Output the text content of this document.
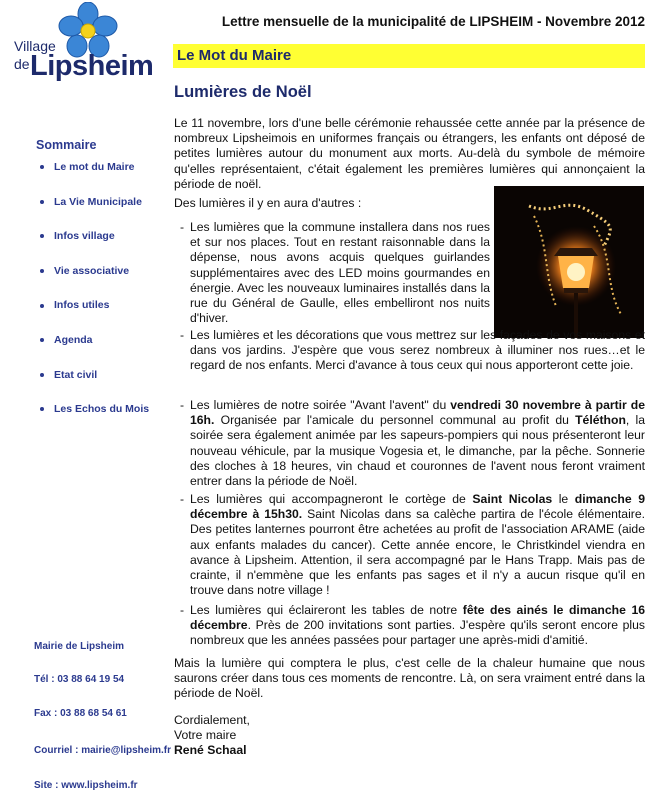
Village
de Lipsheim
Lettre mensuelle de la municipalité de LIPSHEIM - Novembre 2012
Le Mot du Maire
Sommaire
Le mot du Maire
La Vie Municipale
Infos village
Vie associative
Infos utiles
Agenda
Etat civil
Les Echos du Mois
Mairie de Lipsheim
Tél : 03 88 64 19 54
Fax : 03 88 68 54 61
Courriel : mairie@lipsheim.fr
Site : www.lipsheim.fr
Lumières de Noël

Le 11 novembre, lors d'une belle cérémonie rehaussée cette année par la présence de nombreux Lipsheimois en uniformes français ou étrangers, les enfants ont déposé de petites lumières autour du monument aux morts. Au-delà du symbole de mémoire qu'elles représentaient, c'était également les premières lumières qui annonçaient la période de noël.

Des lumières il y en aura d'autres :

- Les lumières que la commune installera dans nos rues et sur nos places. Tout en restant raisonnable dans la dépense, nous avons acquis quelques guirlandes supplémentaires avec des LED moins gourmandes en énergie. Avec les nouveaux luminaires installés dans la rue du Général de Gaulle, elles embelliront nos nuits d'hiver.

- Les lumières et les décorations que vous mettrez sur les façades de vos maisons et dans vos jardins. J'espère que vous serez nombreux à illuminer nos rues…et le regard de nos enfants. Merci d'avance à tous ceux qui nous apporteront cette joie.

- Les lumières de notre soirée "Avant l'avent" du vendredi 30 novembre à partir de 16h. Organisée par l'amicale du personnel communal au profit du Téléthon, la soirée sera également animée par les sapeurs-pompiers qui nous présenteront leur nouveau véhicule, par la musique Vogesia et, le dimanche, par la pêche. Sonnerie des cloches à 18 heures, vin chaud et couronnes de l'avent nous feront vraiment entrer dans la période de Noël.

- Les lumières qui accompagneront le cortège de Saint Nicolas le dimanche 9 décembre à 15h30. Saint Nicolas dans sa calèche partira de l'école élémentaire. Des petites lanternes pourront être achetées au profit de l'association ARAME (aide aux enfants malades du cancer). Cette année encore, le Christkindel viendra en avance à Lipsheim. Attention, il sera accompagné par le Hans Trapp. Mais pas de crainte, il n'emmène que les enfants pas sages et il n'y a aucun risque qu'il en trouve dans notre village !

- Les lumières qui éclaireront les tables de notre fête des ainés le dimanche 16 décembre. Près de 200 invitations sont parties. J'espère qu'ils seront encore plus nombreux que les années passées pour partager une après-midi d'amitié.

Mais la lumière qui comptera le plus, c'est celle de la chaleur humaine que nous saurons créer dans tous ces moments de rencontre. Là, on sera vraiment entré dans la période de Noël.

Cordialement,
Votre maire
René Schaal
